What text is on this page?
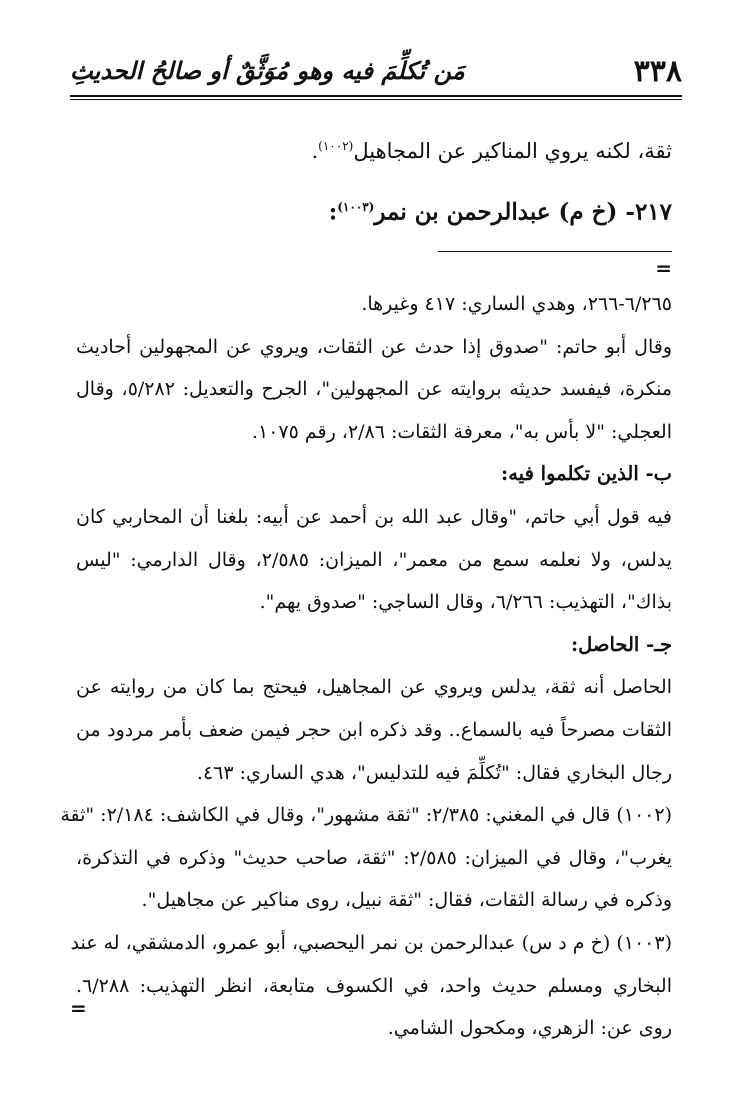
٣٣٨
مَن تُكلِّمَ فيه وهو مُوَثَّقٌ أو صالحُ الحديثِ

ثقة، لكنه يروي المناكير عن المجاهيل$^{(١٠٠٢)}$.

٢١٧- (خ م) عبدالرحمن بن نمر$^{(١٠٠٣)}$:

=

٦/٢٦٥-٢٦٦، وهدي الساري: ٤١٧ وغيرها.

وقال أبو حاتم: "صدوق إذا حدث عن الثقات، ويروي عن المجهولين أحاديث

منكرة، فيفسد حديثه بروايته عن المجهولين"، الجرح والتعديل: ٥/٢٨٢، وقال

العجلي: "لا بأس به"، معرفة الثقات: ٢/٨٦، رقم ١٠٧٥.

ب- الذين تكلموا فيه:

فيه قول أبي حاتم، "وقال عبد الله بن أحمد عن أبيه: بلغنا أن المحاربي كان

يدلس، ولا نعلمه سمع من معمر"، الميزان: ٢/٥٨٥، وقال الدارمي: "ليس

بذاك"، التهذيب: ٦/٢٦٦، وقال الساجي: "صدوق يهم".

جـ- الحاصل:

الحاصل أنه ثقة، يدلس ويروي عن المجاهيل، فيحتج بما كان من روايته عن

الثقات مصرحاً فيه بالسماع.. وقد ذكره ابن حجر فيمن ضعف بأمر مردود من

رجال البخاري فقال: "تُكلِّمَ فيه للتدليس"، هدي الساري: ٤٦٣.

(١٠٠٢) قال في المغني: ٢/٣٨٥: "ثقة مشهور"، وقال في الكاشف: ٢/١٨٤: "ثقة

يغرب"، وقال في الميزان: ٢/٥٨٥: "ثقة، صاحب حديث" وذكره في التذكرة،

وذكره في رسالة الثقات، فقال: "ثقة نبيل، روى مناكير عن مجاهيل".

(١٠٠٣) (خ م د س) عبدالرحمن بن نمر اليحصبي، أبو عمرو، الدمشقي، له عند

البخاري ومسلم حديث واحد، في الكسوف متابعة، انظر التهذيب: ٦/٢٨٨.

روى عن: الزهري، ومكحول الشامي.

=
